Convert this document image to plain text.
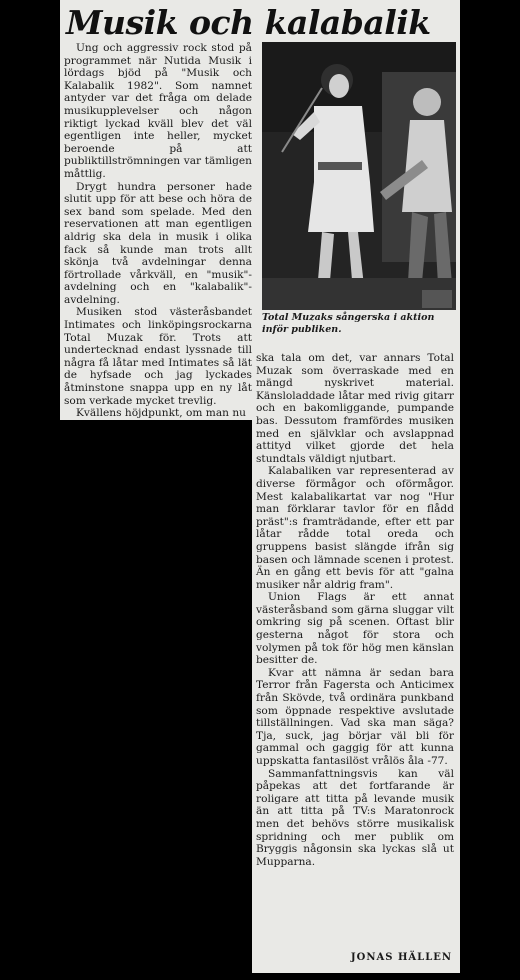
Musik och kalabalik

Ung och aggressiv rock stod på programmet när Nutida Musik i lördags bjöd på "Musik och Kalabalik 1982". Som namnet antyder var det fråga om delade musikupplevelser och någon riktigt lyckad kväll blev det väl egentligen inte heller, mycket beroende på att publiktillströmningen var tämligen måttlig.

Drygt hundra personer hade slutit upp för att bese och höra de sex band som spelade. Med den reservationen att man egentligen aldrig ska dela in musik i olika fack så kunde man trots allt skönja två avdelningar denna förtrollade vårkväll, en "musik"-avdelning och en "kalabalik"-avdelning.

Musiken stod västeråsbandet Intimates och linköpingsrockarna Total Muzak för. Trots att undertecknad endast lyssnade till några få låtar med Intimates så lät de hyfsade och jag lyckades åtminstone snappa upp en ny låt som verkade mycket trevlig.

Kvällens höjdpunkt, om man nu

Total Muzaks sångerska i aktion inför publiken.

ska tala om det, var annars Total Muzak som överraskade med en mängd nyskrivet material. Känsloladdade låtar med rivig gitarr och en bakomliggande, pumpande bas. Dessutom framfördes musiken med en självklar och avslappnad attityd vilket gjorde det hela stundtals väldigt njutbart.

Kalabaliken var representerad av diverse förmågor och oförmågor. Mest kalabalikartat var nog "Hur man förklarar tavlor för en flådd präst":s framträdande, efter ett par låtar rådde total oreda och gruppens basist slängde ifrån sig basen och lämnade scenen i protest. Än en gång ett bevis för att "galna musiker når aldrig fram".

Union Flags är ett annat västeråsband som gärna sluggar vilt omkring sig på scenen. Oftast blir gesterna något för stora och volymen på tok för hög men känslan besitter de.

Kvar att nämna är sedan bara Terror från Fagersta och Anticimex från Skövde, två ordinära punkband som öppnade respektive avslutade tillställningen. Vad ska man säga? Tja, suck, jag börjar väl bli för gammal och gaggig för att kunna uppskatta fantasilöst vrålös åla -77.

Sammanfattningsvis kan väl påpekas att det fortfarande är roligare att titta på levande musik än att titta på TV:s Maratonrock men det behövs större musikalisk spridning och mer publik om Bryggis någonsin ska lyckas slå ut Mupparna.

JONAS HÄLLEN
